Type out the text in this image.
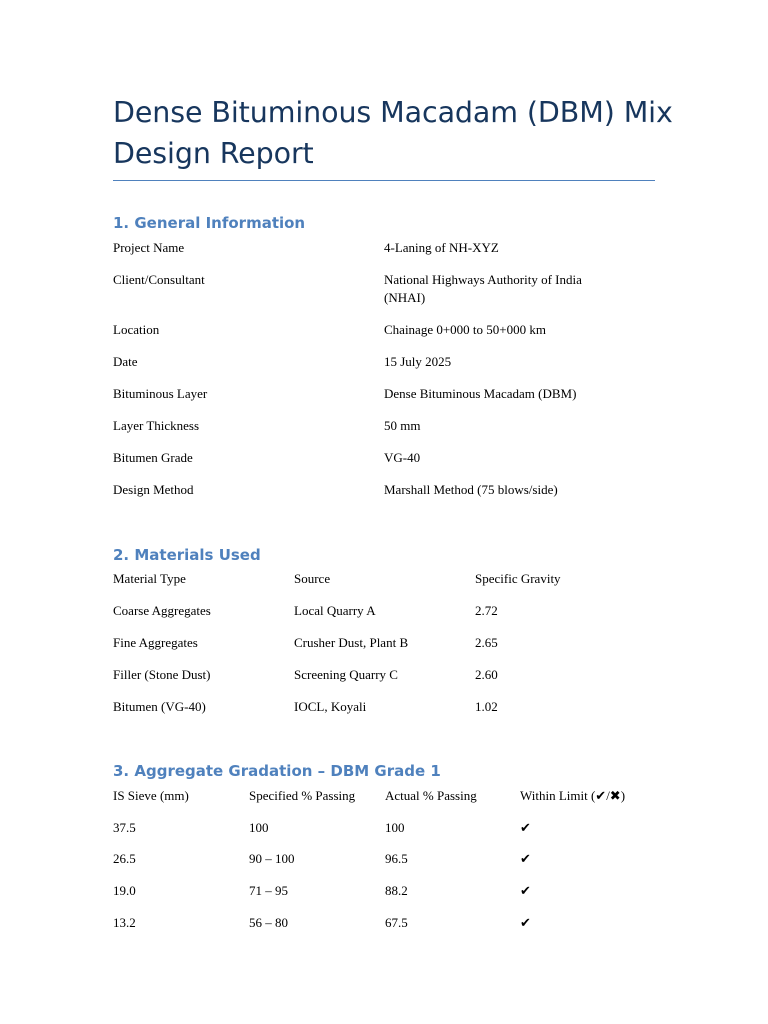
Dense Bituminous Macadam (DBM) Mix Design Report
1. General Information
Project Name	4-Laning of NH-XYZ
Client/Consultant	National Highways Authority of India (NHAI)
Location	Chainage 0+000 to 50+000 km
Date	15 July 2025
Bituminous Layer	Dense Bituminous Macadam (DBM)
Layer Thickness	50 mm
Bitumen Grade	VG-40
Design Method	Marshall Method (75 blows/side)
2. Materials Used
Material Type	Source	Specific Gravity
Coarse Aggregates	Local Quarry A	2.72
Fine Aggregates	Crusher Dust, Plant B	2.65
Filler (Stone Dust)	Screening Quarry C	2.60
Bitumen (VG-40)	IOCL, Koyali	1.02
3. Aggregate Gradation – DBM Grade 1
IS Sieve (mm)	Specified % Passing	Actual % Passing	Within Limit (✔/✖)
37.5	100	100	✔
26.5	90 – 100	96.5	✔
19.0	71 – 95	88.2	✔
13.2	56 – 80	67.5	✔
